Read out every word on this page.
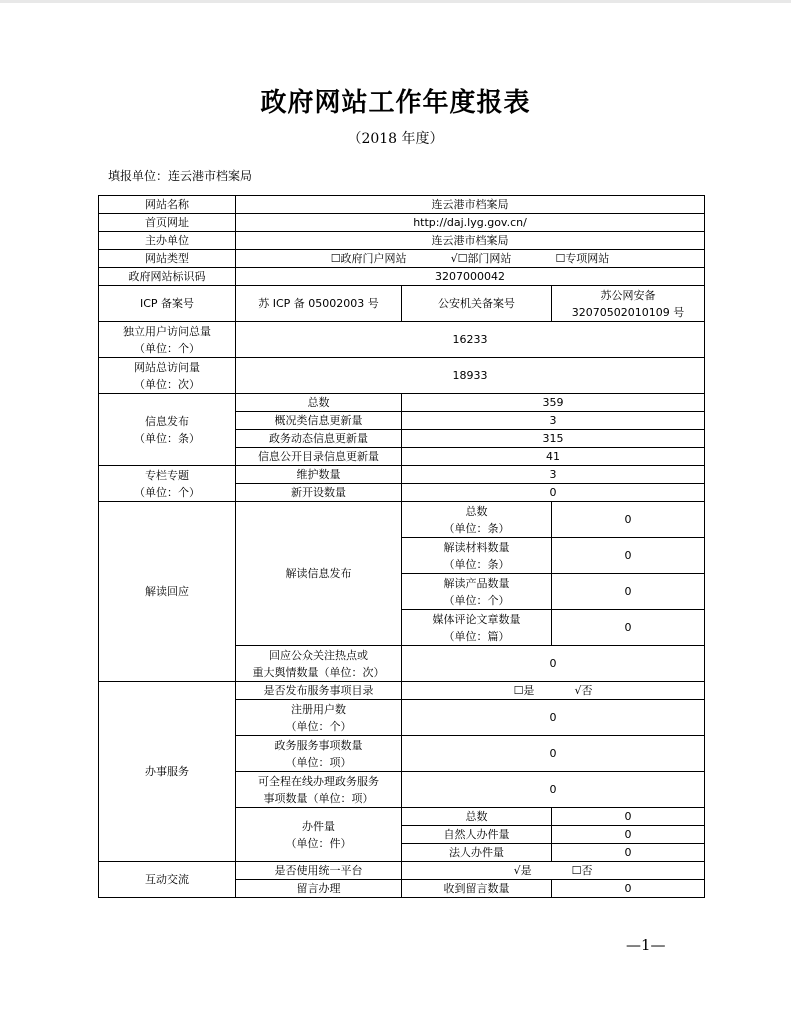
政府网站工作年度报表
（2018 年度）
填报单位：连云港市档案局
网站名称	连云港市档案局		
首页网址	http://daj.lyg.gov.cn/		
主办单位	连云港市档案局		
网站类型	☐政府门户网站 √☐部门网站 ☐专项网站		
政府网站标识码	3207000042		
ICP 备案号	苏 ICP 备 05002003 号	公安机关备案号	苏公网安备
32070502010109 号

独立用户访问总量
（单位：个）	16233		

网站总访问量
（单位：次）	18933		

信息发布
（单位：条）	总数	359	
	概况类信息更新量	3	
	政务动态信息更新量	315	
	信息公开目录信息更新量	41	

专栏专题
（单位：个）	维护数量	3	
	新开设数量	0	
解读回应	解读信息发布	总数
（单位：条）	0

		解读材料数量
（单位：条）	0

		解读产品数量
（单位：个）	0

		媒体评论文章数量
（单位：篇）	0

	回应公众关注热点或
重大舆情数量（单位：次）	0	
办事服务	是否发布服务事项目录	☐是 √否	

	注册用户数
（单位：个）	0	

	政务服务事项数量
（单位：项）	0	

	可全程在线办理政务服务
事项数量（单位：项）	0	

	办件量
（单位：件）	总数	0
		自然人办件量	0
		法人办件量	0
互动交流	是否使用统一平台	√是 ☐否	
	留言办理	收到留言数量	0
—1—
